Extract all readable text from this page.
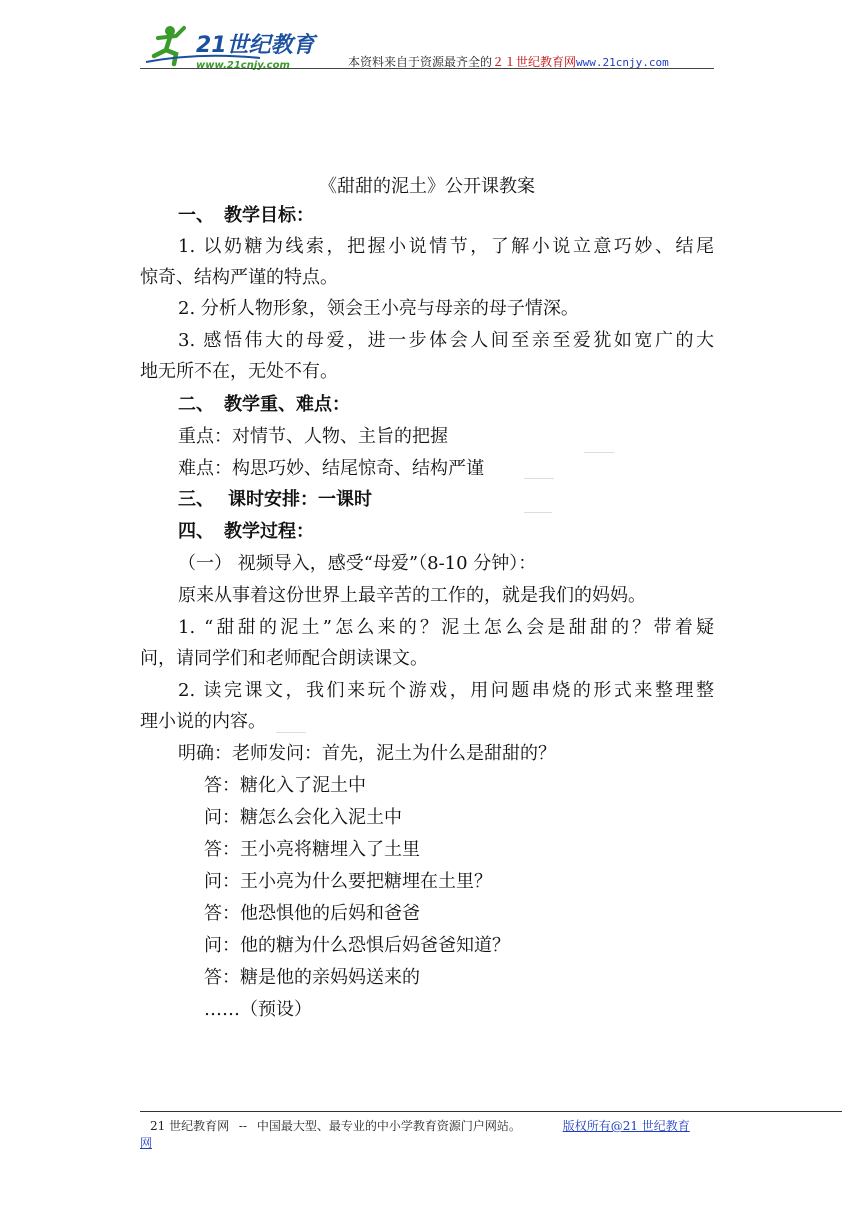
21世纪教育
www.21cnjy.com	本资料来自于资源最齐全的２１世纪教育网www.21cnjy.com
《甜甜的泥土》公开课教案
一、 教学目标：
1. 以奶糖为线索，把握小说情节，了解小说立意巧妙、结尾
惊奇、结构严谨的特点。
2. 分析人物形象，领会王小亮与母亲的母子情深。
3. 感悟伟大的母爱，进一步体会人间至亲至爱犹如宽广的大
地无所不在，无处不有。
二、 教学重、难点：
重点：对情节、人物、主旨的把握
难点：构思巧妙、结尾惊奇、结构严谨
三、 课时安排：一课时
四、 教学过程：
（一） 视频导入，感受“母爱”（8-10 分钟）：
原来从事着这份世界上最辛苦的工作的，就是我们的妈妈。
1. “甜甜的泥土”怎么来的？泥土怎么会是甜甜的？带着疑
问，请同学们和老师配合朗读课文。
2. 读完课文，我们来玩个游戏，用问题串烧的形式来整理整
理小说的内容。
明确：老师发问：首先，泥土为什么是甜甜的？
答：糖化入了泥土中
问：糖怎么会化入泥土中
答：王小亮将糖埋入了土里
问：王小亮为什么要把糖埋在土里？
答：他恐惧他的后妈和爸爸
问：他的糖为什么恐惧后妈爸爸知道？
答：糖是他的亲妈妈送来的
……（预设）
21 世纪教育网 -- 中国最大型、最专业的中小学教育资源门户网站。	版权所有@21 世纪教育
网
